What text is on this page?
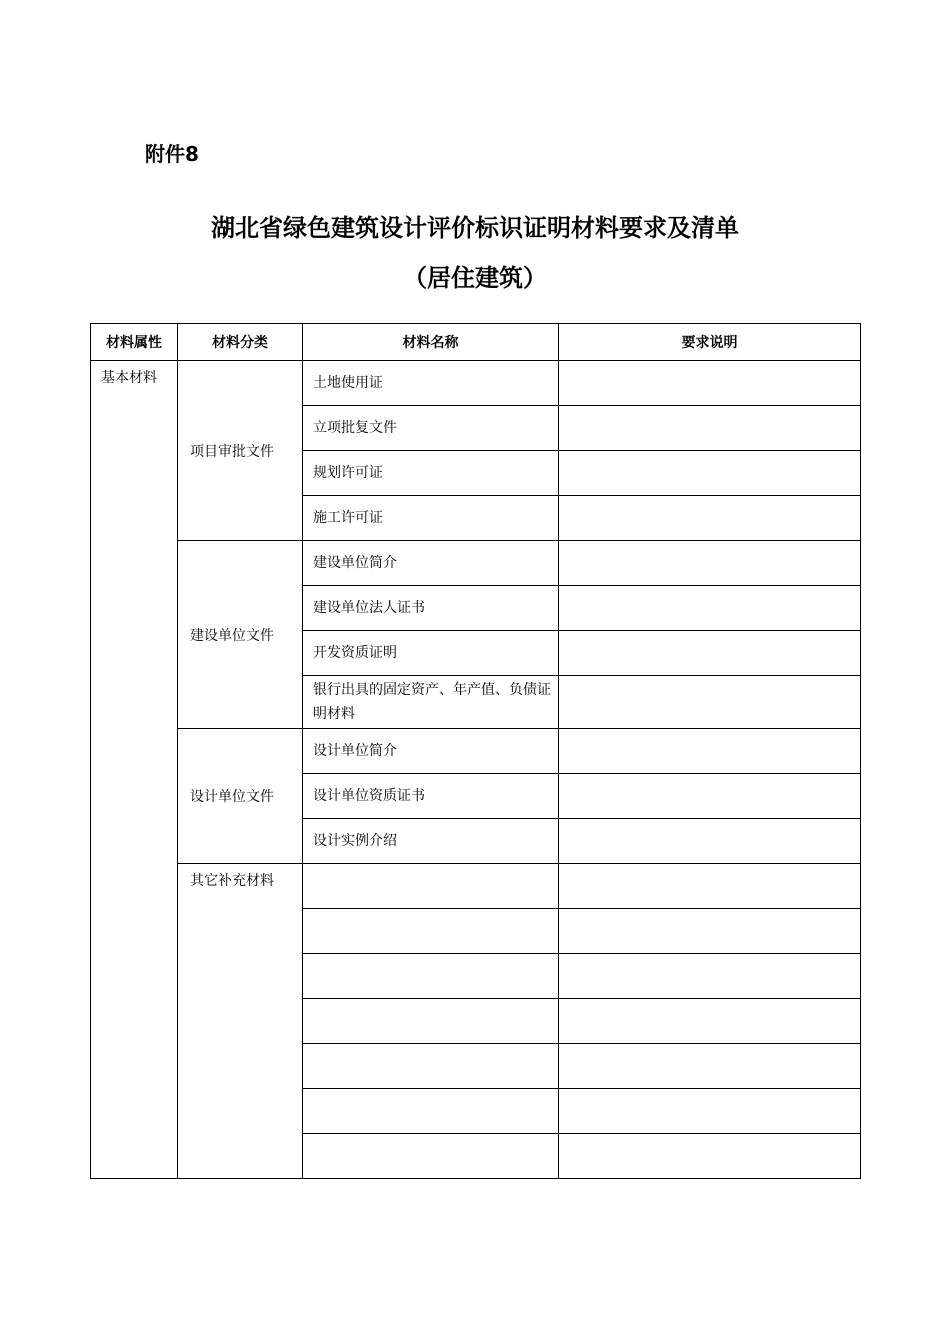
附件8
湖北省绿色建筑设计评价标识证明材料要求及清单
（居住建筑）
材料属性	材料分类	材料名称	要求说明
基本材料	项目审批文件	土地使用证	
		立项批复文件	
		规划许可证	
		施工许可证	
	建设单位文件	建设单位简介	
		建设单位法人证书	
		开发资质证明	
		银行出具的固定资产、年产值、负债证明材料	
	设计单位文件	设计单位简介	
		设计单位资质证书	
		设计实例介绍	
	其它补充材料		
